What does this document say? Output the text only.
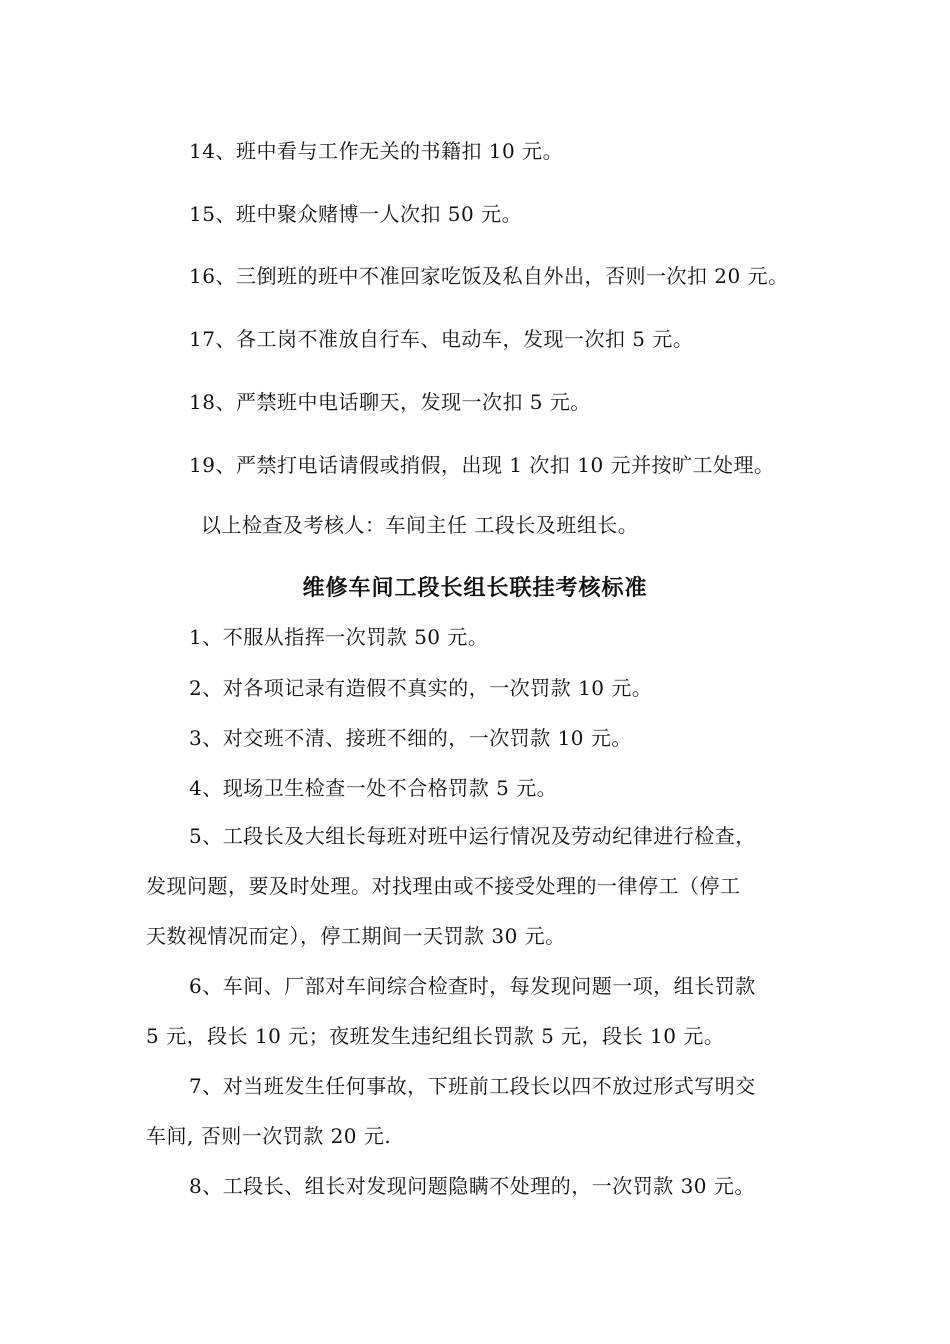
14、班中看与工作无关的书籍扣 10 元。
15、班中聚众赌博一人次扣 50 元。
16、三倒班的班中不准回家吃饭及私自外出，否则一次扣 20 元。
17、各工岗不准放自行车、电动车，发现一次扣 5 元。
18、严禁班中电话聊天，发现一次扣 5 元。
19、严禁打电话请假或捎假，出现 1 次扣 10 元并按旷工处理。
以上检查及考核人：车间主任 工段长及班组长。
维修车间工段长组长联挂考核标准
1、不服从指挥一次罚款 50 元。
2、对各项记录有造假不真实的，一次罚款 10 元。
3、对交班不清、接班不细的，一次罚款 10 元。
4、现场卫生检查一处不合格罚款 5 元。
5、工段长及大组长每班对班中运行情况及劳动纪律进行检查，
发现问题，要及时处理。对找理由或不接受处理的一律停工（停工
天数视情况而定），停工期间一天罚款 30 元。
6、车间、厂部对车间综合检查时，每发现问题一项，组长罚款
5 元，段长 10 元；夜班发生违纪组长罚款 5 元，段长 10 元。
7、对当班发生任何事故，下班前工段长以四不放过形式写明交
车间, 否则一次罚款 20 元.
8、工段长、组长对发现问题隐瞒不处理的，一次罚款 30 元。
